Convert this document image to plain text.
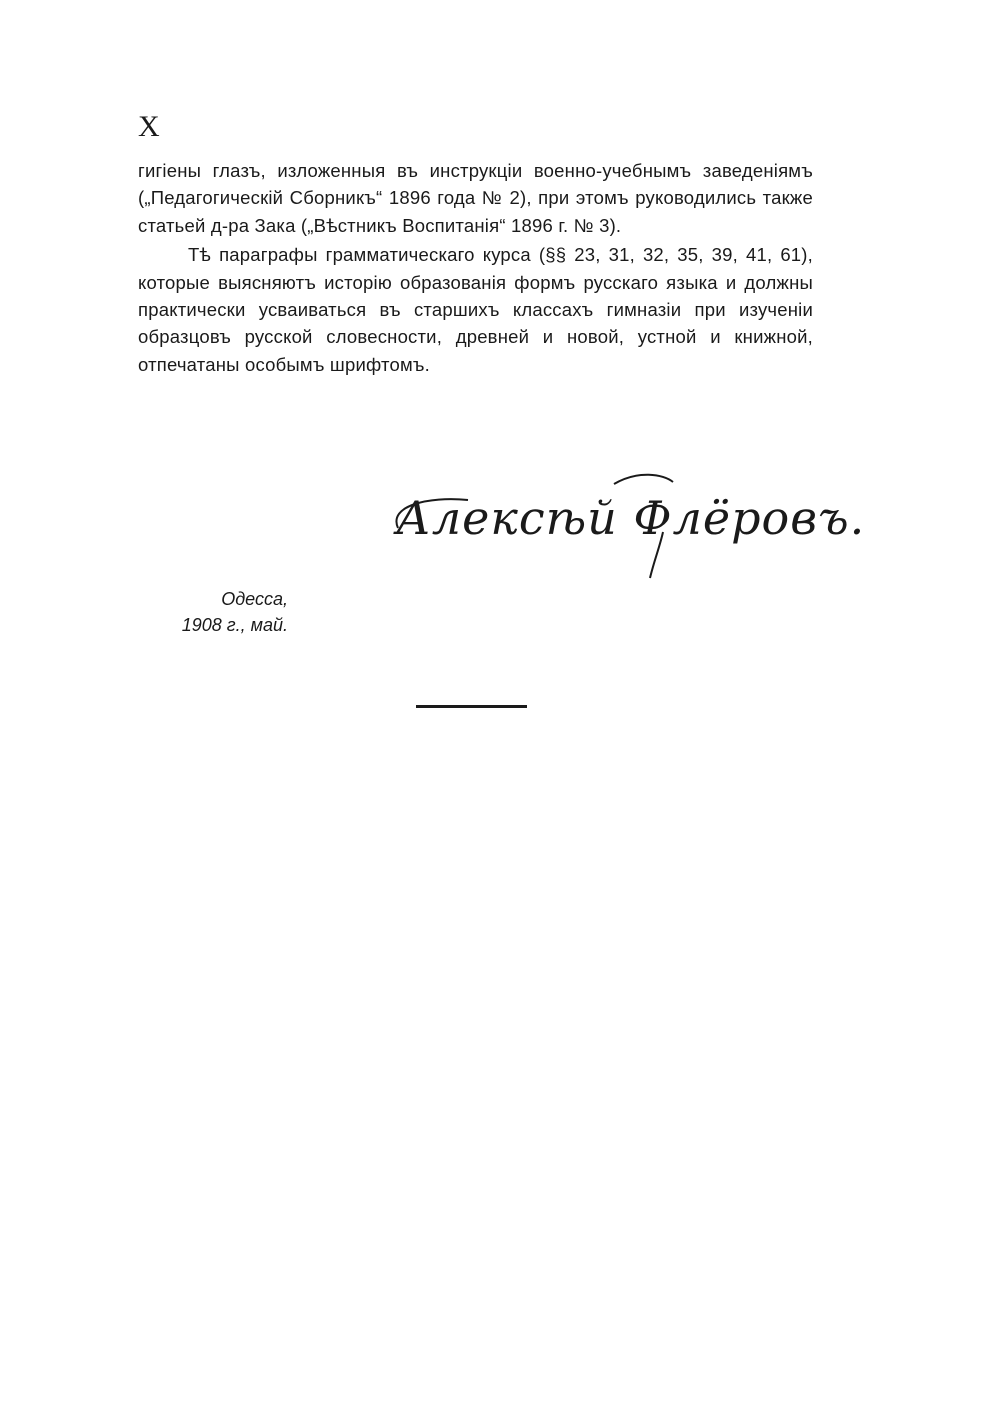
X

гигіены глазъ, изложенныя въ инструкціи военно-учебнымъ заведеніямъ („Педагогическій Сборникъ“ 1896 года № 2), при этомъ руководились также статьей д-ра Зака („Вѣстникъ Воспитанія“ 1896 г. № 3).

Тѣ параграфы грамматическаго курса (§§ 23, 31, 32, 35, 39, 41, 61), которые выясняютъ исторію образованія формъ русскаго языка и должны практически усваиваться въ старшихъ классахъ гимназіи при изученіи образцовъ русской словесности, древней и новой, устной и книжной, отпечатаны особымъ шрифтомъ.

Алексѣй Флёровъ.
Одесса,
1908 г., май.
